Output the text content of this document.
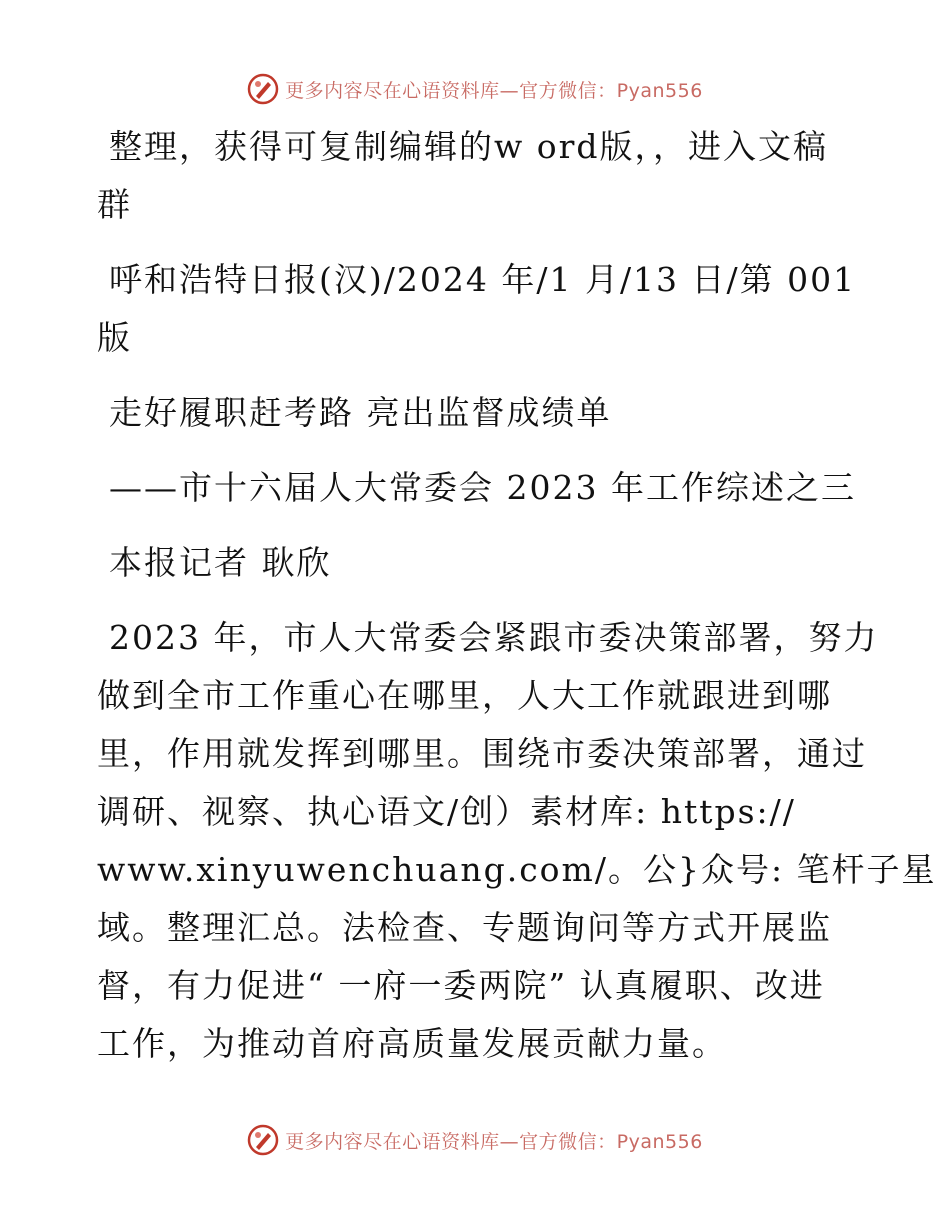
更多内容尽在心语资料库—官方微信：Pyan556
整理，获得可复制编辑的w ord版，，进入文稿
群
呼和浩特日报(汉)/2024 年/1 月/13 日/第 001
版
走好履职赶考路 亮出监督成绩单
——市十六届人大常委会 2023 年工作综述之三
本报记者 耿欣
2023 年，市人大常委会紧跟市委决策部署，努力
做到全市工作重心在哪里，人大工作就跟进到哪
里，作用就发挥到哪里。围绕市委决策部署，通过
调研、视察、执心语文/创）素材库: https://
www.xinyuwenchuang.com/。公}众号: 笔杆子星
域。整理汇总。法检查、专题询问等方式开展监
督，有力促进“ 一府一委两院” 认真履职、改进
工作，为推动首府高质量发展贡献力量。
更多内容尽在心语资料库—官方微信：Pyan556
